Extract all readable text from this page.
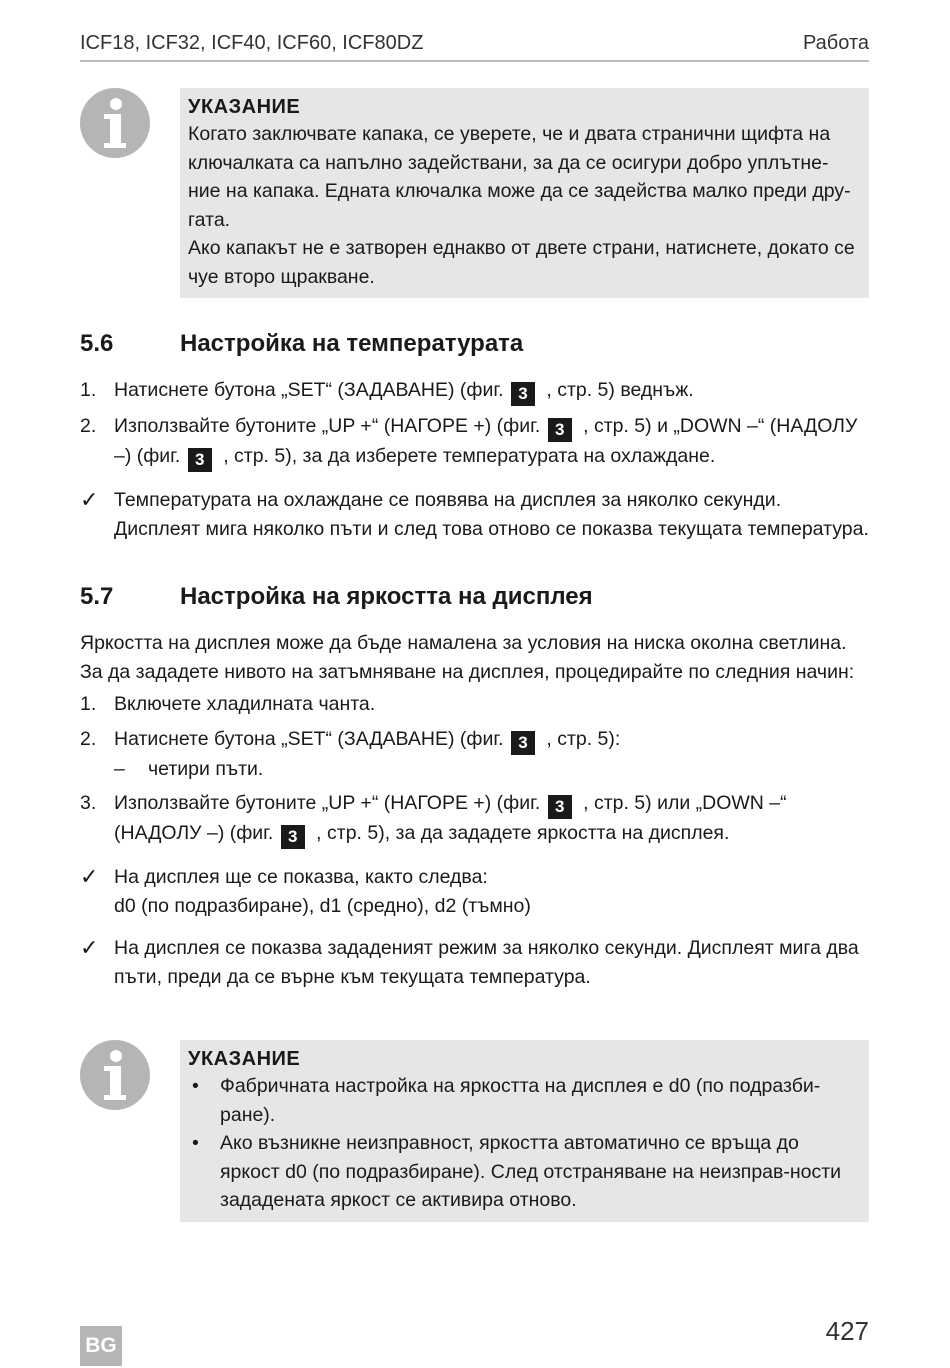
ICF18, ICF32, ICF40, ICF60, ICF80DZ	Работа
УКАЗАНИЕ
Когато заключвате капака, се уверете, че и двата странични щифта на ключалката са напълно задействани, за да се осигури добро уплътне-ние на капака. Едната ключалка може да се задейства малко преди дру-гата.
Ако капакът не е затворен еднакво от двете страни, натиснете, докато се чуе второ щракване.
5.6	Настройка на температурата
1. Натиснете бутона „SET“ (ЗАДАВАНЕ) (фиг. 3 , стр. 5) веднъж.
2. Използвайте бутоните „UP +“ (НАГОРЕ +) (фиг. 3 , стр. 5) и „DOWN –“ (НАДОЛУ –) (фиг. 3 , стр. 5), за да изберете температурата на охлаждане.
✓ Температурата на охлаждане се появява на дисплея за няколко секунди. Дисплеят мига няколко пъти и след това отново се показва текущата температура.
5.7	Настройка на яркостта на дисплея
Яркостта на дисплея може да бъде намалена за условия на ниска околна светлина. За да зададете нивото на затъмняване на дисплея, процедирайте по следния начин:
1. Включете хладилната чанта.
2. Натиснете бутона „SET“ (ЗАДАВАНЕ) (фиг. 3 , стр. 5):
– четири пъти.
3. Използвайте бутоните „UP +“ (НАГОРЕ +) (фиг. 3 , стр. 5) или „DOWN –“ (НАДОЛУ –) (фиг. 3 , стр. 5), за да зададете яркостта на дисплея.
✓ На дисплея ще се показва, както следва:
d0 (по подразбиране), d1 (средно), d2 (тъмно)
✓ На дисплея се показва зададеният режим за няколко секунди. Дисплеят мига два пъти, преди да се върне към текущата температура.
УКАЗАНИЕ
• Фабричната настройка на яркостта на дисплея е d0 (по подразби-ране).
• Ако възникне неизправност, яркостта автоматично се връща до яркост d0 (по подразбиране). След отстраняване на неизправ-ности зададената яркост се активира отново.
427
BG
